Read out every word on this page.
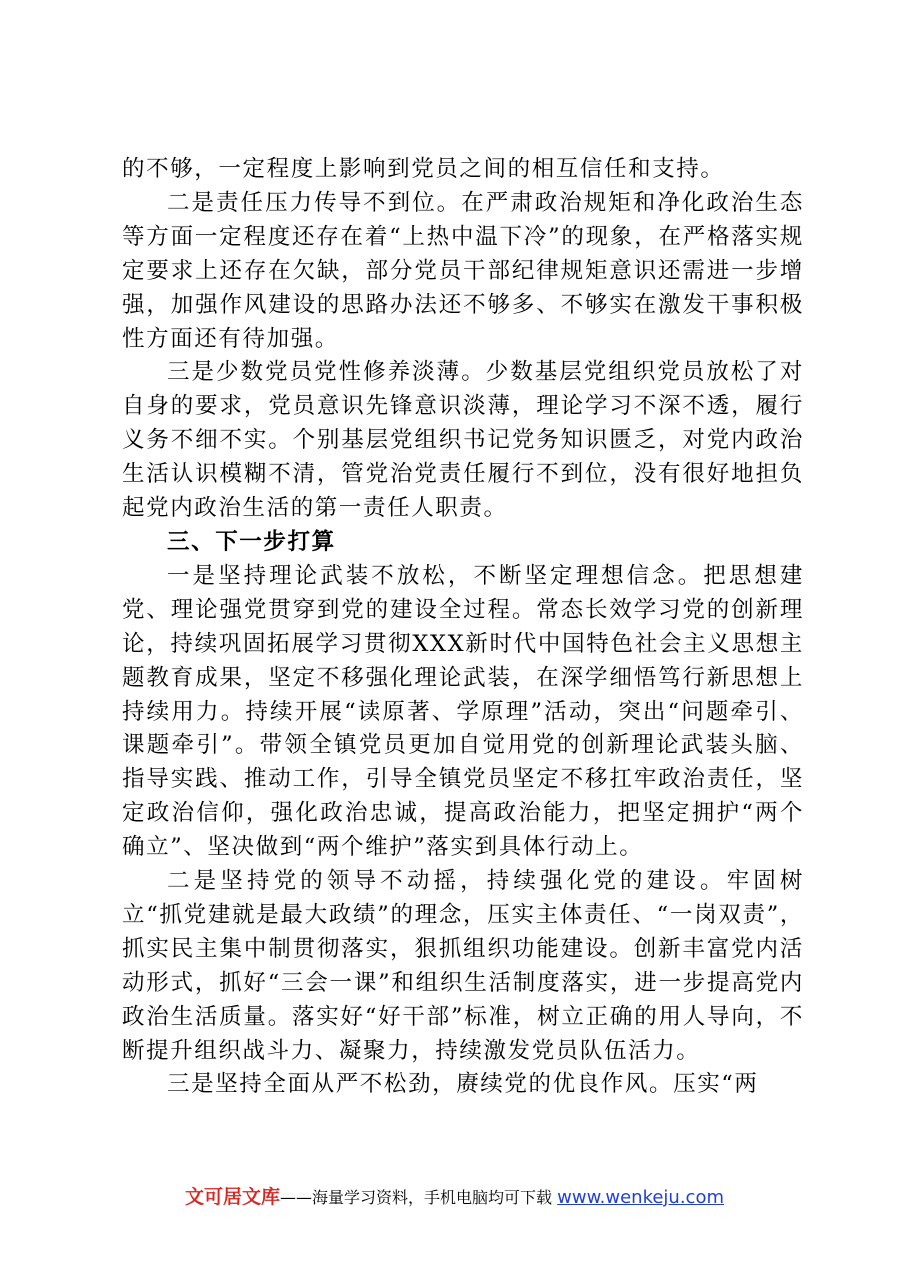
的不够，一定程度上影响到党员之间的相互信任和支持。

二是责任压力传导不到位。在严肃政治规矩和净化政治生态等方面一定程度还存在着“上热中温下冷”的现象，在严格落实规定要求上还存在欠缺，部分党员干部纪律规矩意识还需进一步增强，加强作风建设的思路办法还不够多、不够实在激发干事积极性方面还有待加强。

三是少数党员党性修养淡薄。少数基层党组织党员放松了对自身的要求，党员意识先锋意识淡薄，理论学习不深不透，履行义务不细不实。个别基层党组织书记党务知识匮乏，对党内政治生活认识模糊不清，管党治党责任履行不到位，没有很好地担负起党内政治生活的第一责任人职责。

三、下一步打算

一是坚持理论武装不放松，不断坚定理想信念。把思想建党、理论强党贯穿到党的建设全过程。常态长效学习党的创新理论，持续巩固拓展学习贯彻XXX新时代中国特色社会主义思想主题教育成果，坚定不移强化理论武装，在深学细悟笃行新思想上持续用力。持续开展“读原著、学原理”活动，突出“问题牵引、课题牵引”。带领全镇党员更加自觉用党的创新理论武装头脑、指导实践、推动工作，引导全镇党员坚定不移扛牢政治责任，坚定政治信仰，强化政治忠诚，提高政治能力，把坚定拥护“两个确立”、坚决做到“两个维护”落实到具体行动上。

二是坚持党的领导不动摇，持续强化党的建设。牢固树立“抓党建就是最大政绩”的理念，压实主体责任、“一岗双责”，抓实民主集中制贯彻落实，狠抓组织功能建设。创新丰富党内活动形式，抓好“三会一课”和组织生活制度落实，进一步提高党内政治生活质量。落实好“好干部”标准，树立正确的用人导向，不断提升组织战斗力、凝聚力，持续激发党员队伍活力。

三是坚持全面从严不松劲，赓续党的优良作风。压实“两

文可居文库——海量学习资料，手机电脑均可下载 www.wenkeju.com
